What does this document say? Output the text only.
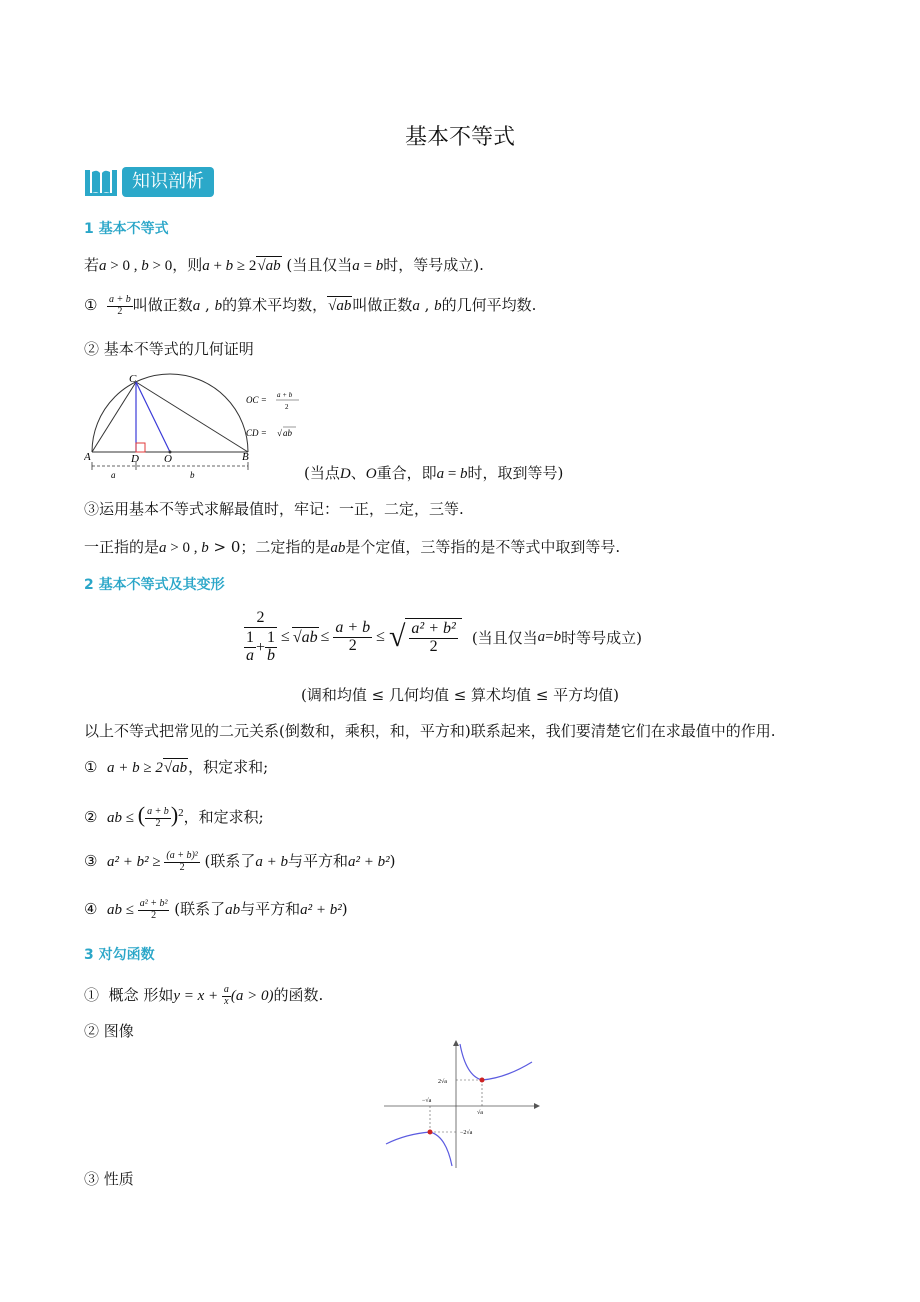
基本不等式
知识剖析
1 基本不等式
若a > 0 , b > 0，则a + b ≥ 2√ab (当且仅当a = b时，等号成立).
① $\frac{a + b}{2}$ 叫做正数a , b的算术平均数，√ab叫做正数a , b的几何平均数.
② 基本不等式的几何证明
C
A	D O	B
a	b
OC = a + b
2
CD = √ ab
(当点D、O重合，即a = b时，取到等号)
③运用基本不等式求解最值时，牢记：一正，二定，三等.
一正指的是a > 0 , b > 0；二定指的是ab是个定值，三等指的是不等式中取到等号.
2 基本不等式及其变形
$\frac{2}{\frac{1}{a} + \frac{1}{b}} \le √ab \le \frac{a + b}{2}$ ≤ √ $\frac{\text{a² + b²}}{2}$ (当且仅当 a = b 时等号成立)
(调和均值 ≤ 几何均值 ≤ 算术均值 ≤ 平方均值)
以上不等式把常见的二元关系(倒数和，乘积，和，平方和)联系起来，我们要清楚它们在求最值中的作用.
① a + b ≥ 2√ab，积定求和;
② ab ≤ ( $\frac{a + b}{2} )^2$，和定求积;
③ $a^2 + b^2 \ge \frac{\text{(a + b)²}}{2}$ (联系了a + b与平方和a² + b²)
④ ab ≤ $\frac{\text{a² + b²}}{2}$ (联系了ab与平方和a² + b²)
3 对勾函数
① 概念 形如$y = x + \frac{a}{x} (a > 0)$的函数.
② 图像
2√a
√a
−√a
−2√a
③ 性质
